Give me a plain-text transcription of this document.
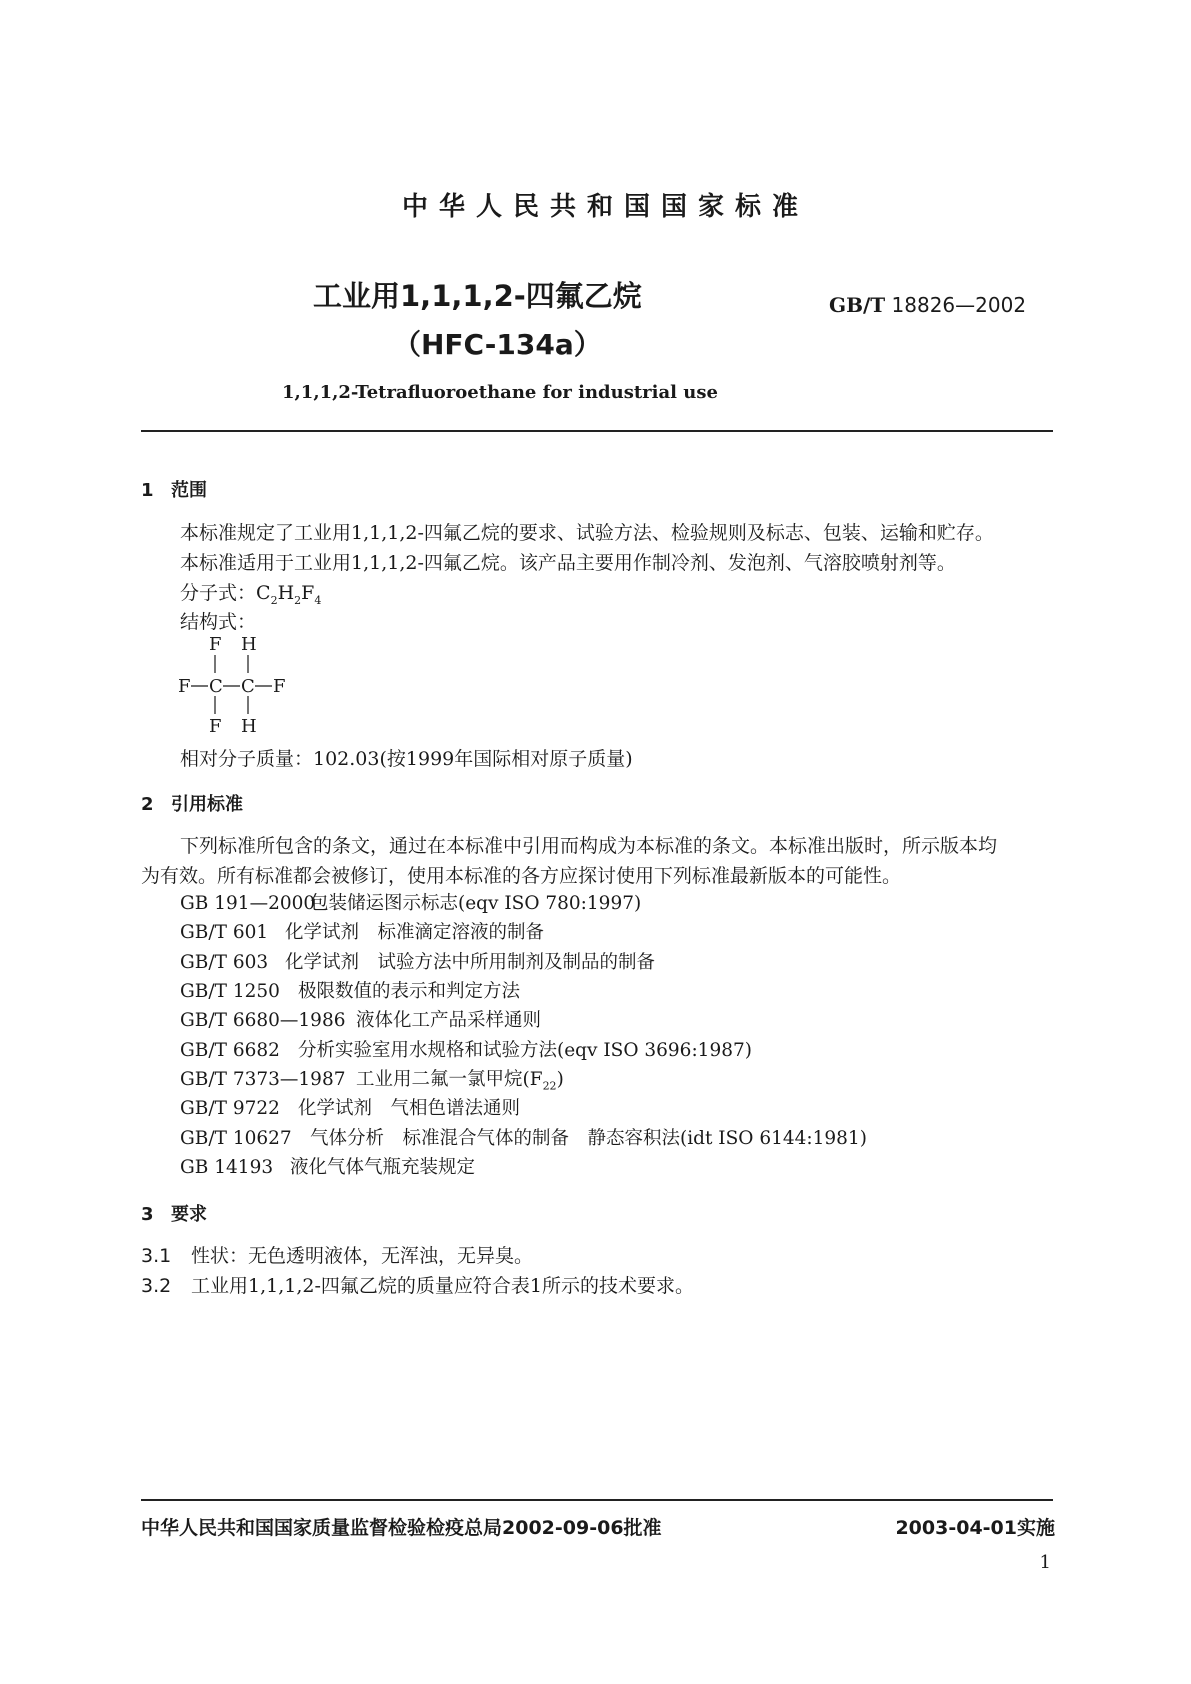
中华人民共和国国家标准

工业用1,1,1,2-四氟乙烷

（HFC-134a）

GB/T 18826—2002

1,1,1,2-Tetrafluoroethane for industrial use

1 范围

本标准规定了工业用1,1,1,2-四氟乙烷的要求、试验方法、检验规则及标志、包装、运输和贮存。

本标准适用于工业用1,1,1,2-四氟乙烷。该产品主要用作制冷剂、发泡剂、气溶胶喷射剂等。

分子式：$C_2H_2F_4$

结构式：

F H
F C C F
F H

相对分子质量：102.03(按1999年国际相对原子质量)

2 引用标准

下列标准所包含的条文，通过在本标准中引用而构成为本标准的条文。本标准出版时，所示版本均

为有效。所有标准都会被修订，使用本标准的各方应探讨使用下列标准最新版本的可能性。

GB 191—2000包装储运图示标志(eqv ISO 780:1997)

GB/T 601 化学试剂　标准滴定溶液的制备

GB/T 603 化学试剂　试验方法中所用制剂及制品的制备

GB/T 1250 极限数值的表示和判定方法

GB/T 6680—1986 液体化工产品采样通则

GB/T 6682 分析实验室用水规格和试验方法(eqv ISO 3696:1987)

GB/T 7373—1987 工业用二氟一氯甲烷$(F_{22})$

GB/T 9722 化学试剂　气相色谱法通则

GB/T 10627 气体分析　标准混合气体的制备　静态容积法(idt ISO 6144:1981)

GB 14193 液化气体气瓶充装规定

3 要求

3.1 性状：无色透明液体，无浑浊，无异臭。

3.2 工业用1,1,1,2-四氟乙烷的质量应符合表1所示的技术要求。

中华人民共和国国家质量监督检验检疫总局2002-09-06批准	2003-04-01实施

1
